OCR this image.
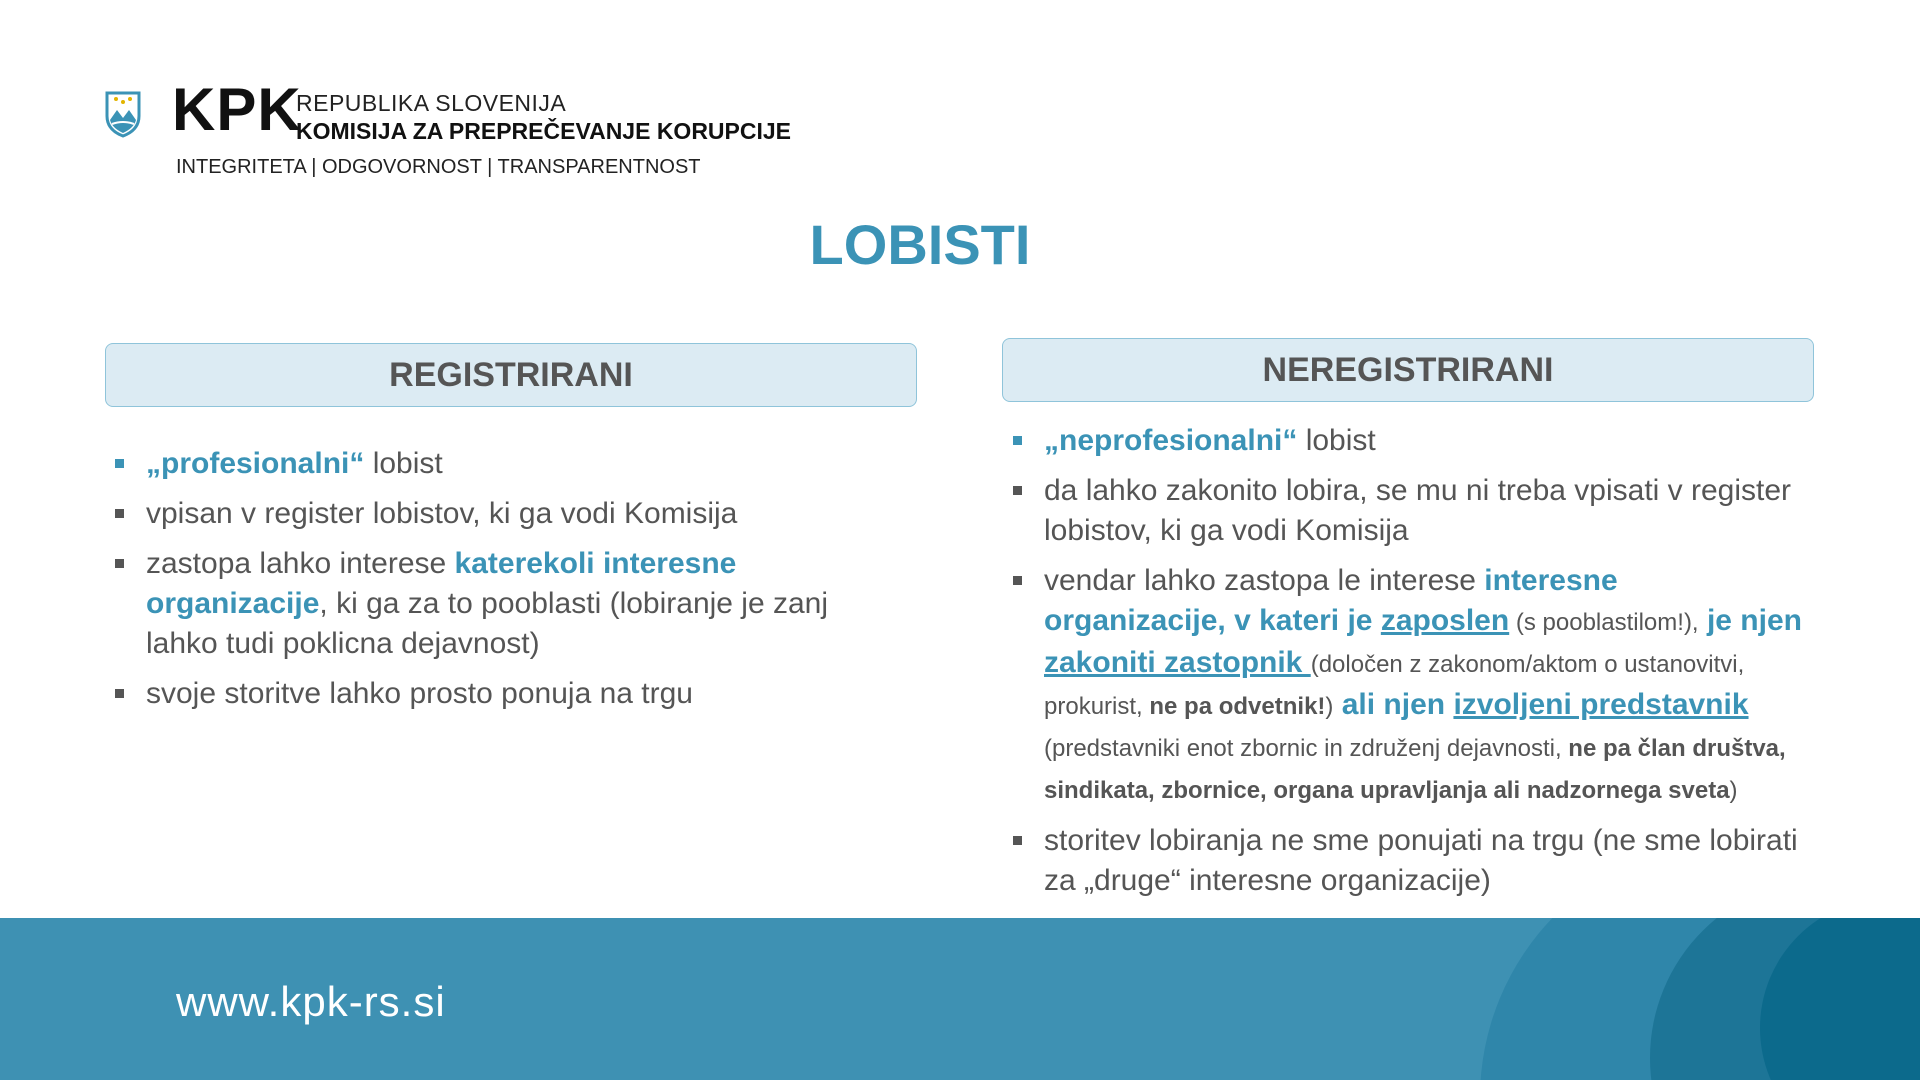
KPK
REPUBLIKA SLOVENIJA
KOMISIJA ZA PREPREČEVANJE KORUPCIJE
INTEGRITETA | ODGOVORNOST | TRANSPARENTNOST
LOBISTI
REGISTRIRANI	NEREGISTRIRANI
„profesionalni“ lobist
vpisan v register lobistov, ki ga vodi Komisija
zastopa lahko interese katerekoli interesne organizacije, ki ga za to pooblasti (lobiranje je zanj lahko tudi poklicna dejavnost)
svoje storitve lahko prosto ponuja na trgu
„neprofesionalni“ lobist
da lahko zakonito lobira, se mu ni treba vpisati v register lobistov, ki ga vodi Komisija
vendar lahko zastopa le interese interesne organizacije, v kateri je zaposlen (s pooblastilom!), je njen zakoniti zastopnik (določen z zakonom/aktom o ustanovitvi, prokurist, ne pa odvetnik!) ali njen izvoljeni predstavnik (predstavniki enot zbornic in združenj dejavnosti, ne pa član društva, sindikata, zbornice, organa upravljanja ali nadzornega sveta)
storitev lobiranja ne sme ponujati na trgu (ne sme lobirati za „druge“ interesne organizacije)
www.kpk-rs.si
